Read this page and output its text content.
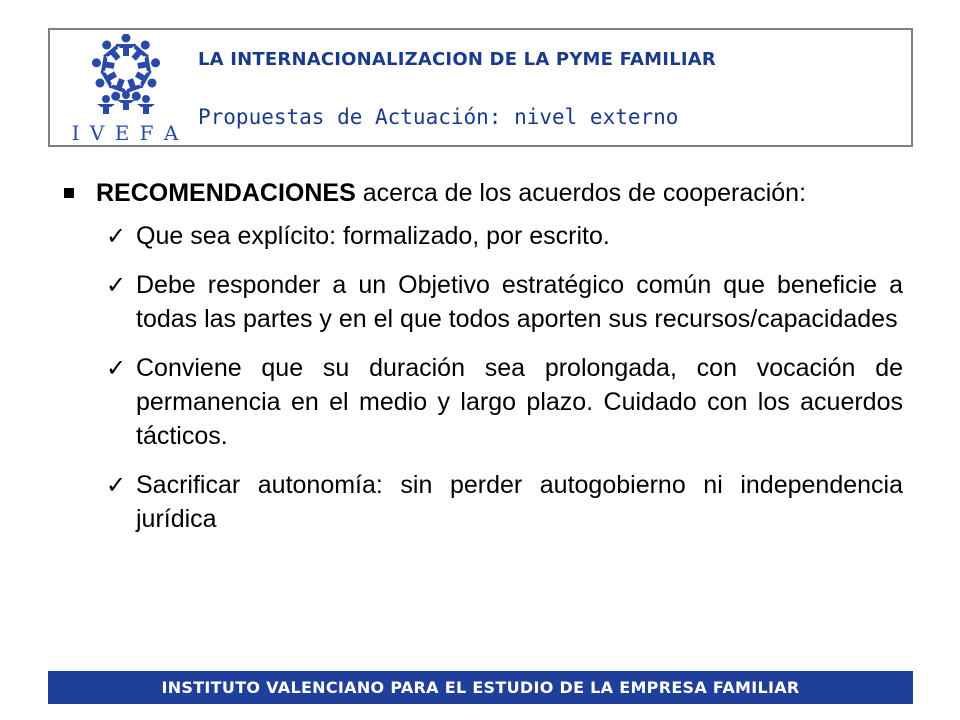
I V E F A
LA INTERNACIONALIZACION DE LA PYME FAMILIAR
Propuestas de Actuación: nivel externo
RECOMENDACIONES acerca de los acuerdos de cooperación:
✓ Que sea explícito: formalizado, por escrito.
✓ Debe responder a un Objetivo estratégico común que beneficie a todas las partes y en el que todos aporten sus recursos/capacidades
✓ Conviene que su duración sea prolongada, con vocación de permanencia en el medio y largo plazo. Cuidado con los acuerdos tácticos.
✓ Sacrificar autonomía: sin perder autogobierno ni independencia jurídica
INSTITUTO VALENCIANO PARA EL ESTUDIO DE LA EMPRESA FAMILIAR
